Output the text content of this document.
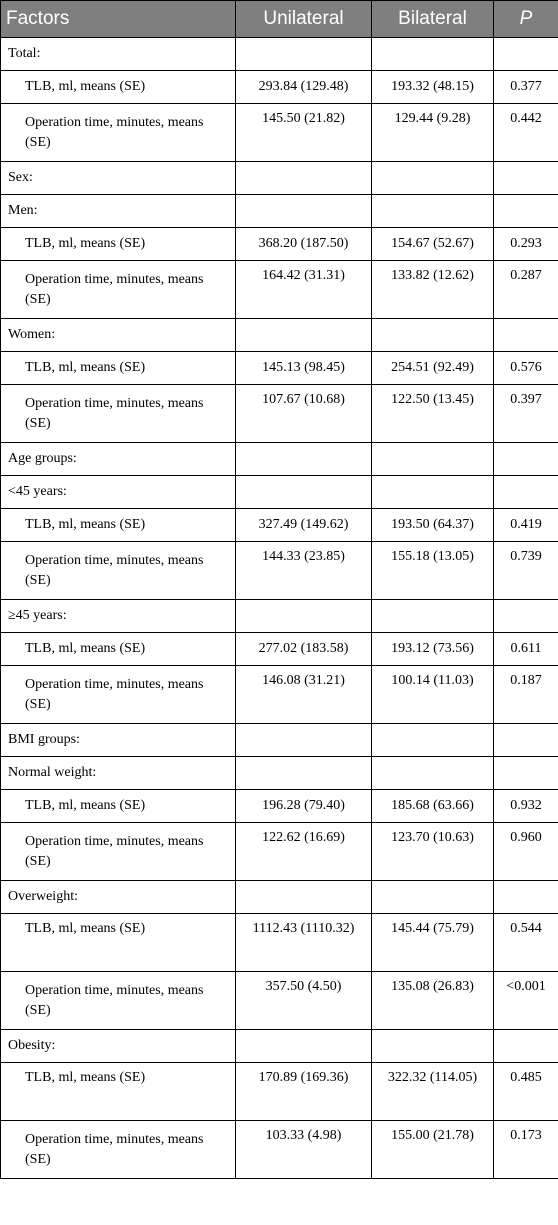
Factors	Unilateral	Bilateral	P
Total:			
TLB, ml, means (SE)	293.84 (129.48)	193.32 (48.15)	0.377
Operation time, minutes, means (SE)	145.50 (21.82)	129.44 (9.28)	0.442
Sex:			
Men:			
TLB, ml, means (SE)	368.20 (187.50)	154.67 (52.67)	0.293
Operation time, minutes, means (SE)	164.42 (31.31)	133.82 (12.62)	0.287
Women:			
TLB, ml, means (SE)	145.13 (98.45)	254.51 (92.49)	0.576
Operation time, minutes, means (SE)	107.67 (10.68)	122.50 (13.45)	0.397
Age groups:			
<45 years:			
TLB, ml, means (SE)	327.49 (149.62)	193.50 (64.37)	0.419
Operation time, minutes, means (SE)	144.33 (23.85)	155.18 (13.05)	0.739
≥45 years:			
TLB, ml, means (SE)	277.02 (183.58)	193.12 (73.56)	0.611
Operation time, minutes, means (SE)	146.08 (31.21)	100.14 (11.03)	0.187
BMI groups:			
Normal weight:			
TLB, ml, means (SE)	196.28 (79.40)	185.68 (63.66)	0.932
Operation time, minutes, means (SE)	122.62 (16.69)	123.70 (10.63)	0.960
Overweight:			
TLB, ml, means (SE)	1112.43 (1110.32)	145.44 (75.79)	0.544
Operation time, minutes, means (SE)	357.50 (4.50)	135.08 (26.83)	<0.001
Obesity:			
TLB, ml, means (SE)	170.89 (169.36)	322.32 (114.05)	0.485
Operation time, minutes, means (SE)	103.33 (4.98)	155.00 (21.78)	0.173
